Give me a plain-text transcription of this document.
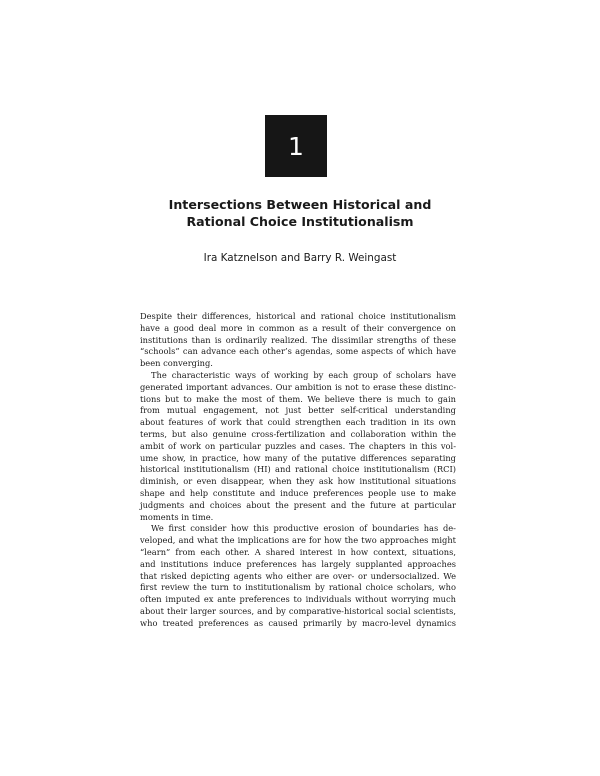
1
Intersections Between Historical and
Rational Choice Institutionalism
Ira Katznelson and Barry R. Weingast

Despite their differences, historical and rational choice institutionalism

have a good deal more in common as a result of their convergence on

institutions than is ordinarily realized. The dissimilar strengths of these

“schools” can advance each other’s agendas, some aspects of which have

been converging.

The characteristic ways of working by each group of scholars have

generated important advances. Our ambition is not to erase these distinc-

tions but to make the most of them. We believe there is much to gain

from mutual engagement, not just better self-critical understanding

about features of work that could strengthen each tradition in its own

terms, but also genuine cross-fertilization and collaboration within the

ambit of work on particular puzzles and cases. The chapters in this vol-

ume show, in practice, how many of the putative differences separating

historical institutionalism (HI) and rational choice institutionalism (RCI)

diminish, or even disappear, when they ask how institutional situations

shape and help constitute and induce preferences people use to make

judgments and choices about the present and the future at particular

moments in time.

We first consider how this productive erosion of boundaries has de-

veloped, and what the implications are for how the two approaches might

“learn” from each other. A shared interest in how context, situations,

and institutions induce preferences has largely supplanted approaches

that risked depicting agents who either are over- or undersocialized. We

first review the turn to institutionalism by rational choice scholars, who

often imputed ex ante preferences to individuals without worrying much

about their larger sources, and by comparative-historical social scientists,

who treated preferences as caused primarily by macro-level dynamics
